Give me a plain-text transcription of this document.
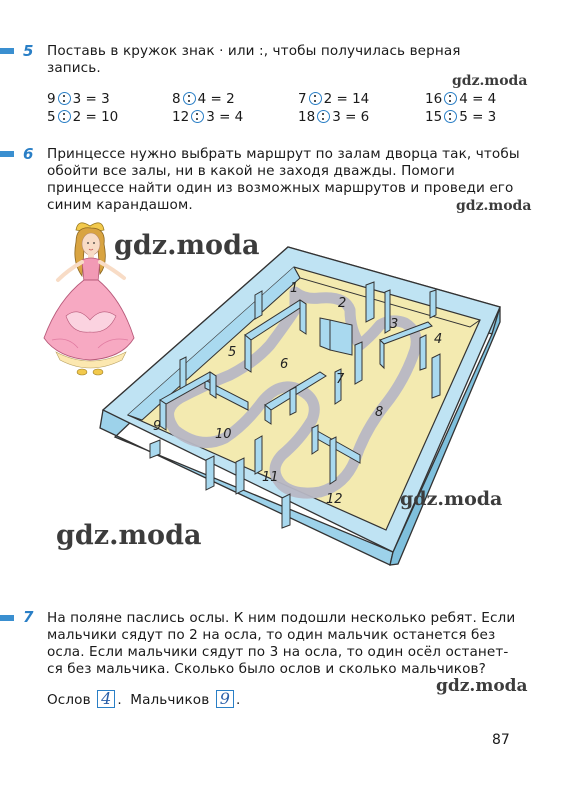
5 Поставь в кружок знак · или :, чтобы получилась верная
запись.
gdz.moda
9 3 = 3	8 4 = 2	7 2 = 14	16 4 = 4
5 2 = 10	12 3 = 4	18 3 = 6	15 5 = 3
6 Принцессе нужно выбрать маршрут по залам дворца так, чтобы
обойти все залы, ни в какой не заходя дважды. Помоги
принцессе найти один из возможных маршрутов и проведи его
синим карандашом.	gdz.moda
1
2
3
4
5
6
7
8
9
10
11
12
gdz.moda
gdz.moda
gdz.moda
7 На поляне паслись ослы. К ним подошли несколько ребят. Если
мальчики сядут по 2 на осла, то один мальчик останется без
осла. Если мальчики сядут по 3 на осла, то один осёл останет-
ся без мальчика. Сколько было ослов и сколько мальчиков?
gdz.moda
Ослов 4 . Мальчиков 9 .
87
